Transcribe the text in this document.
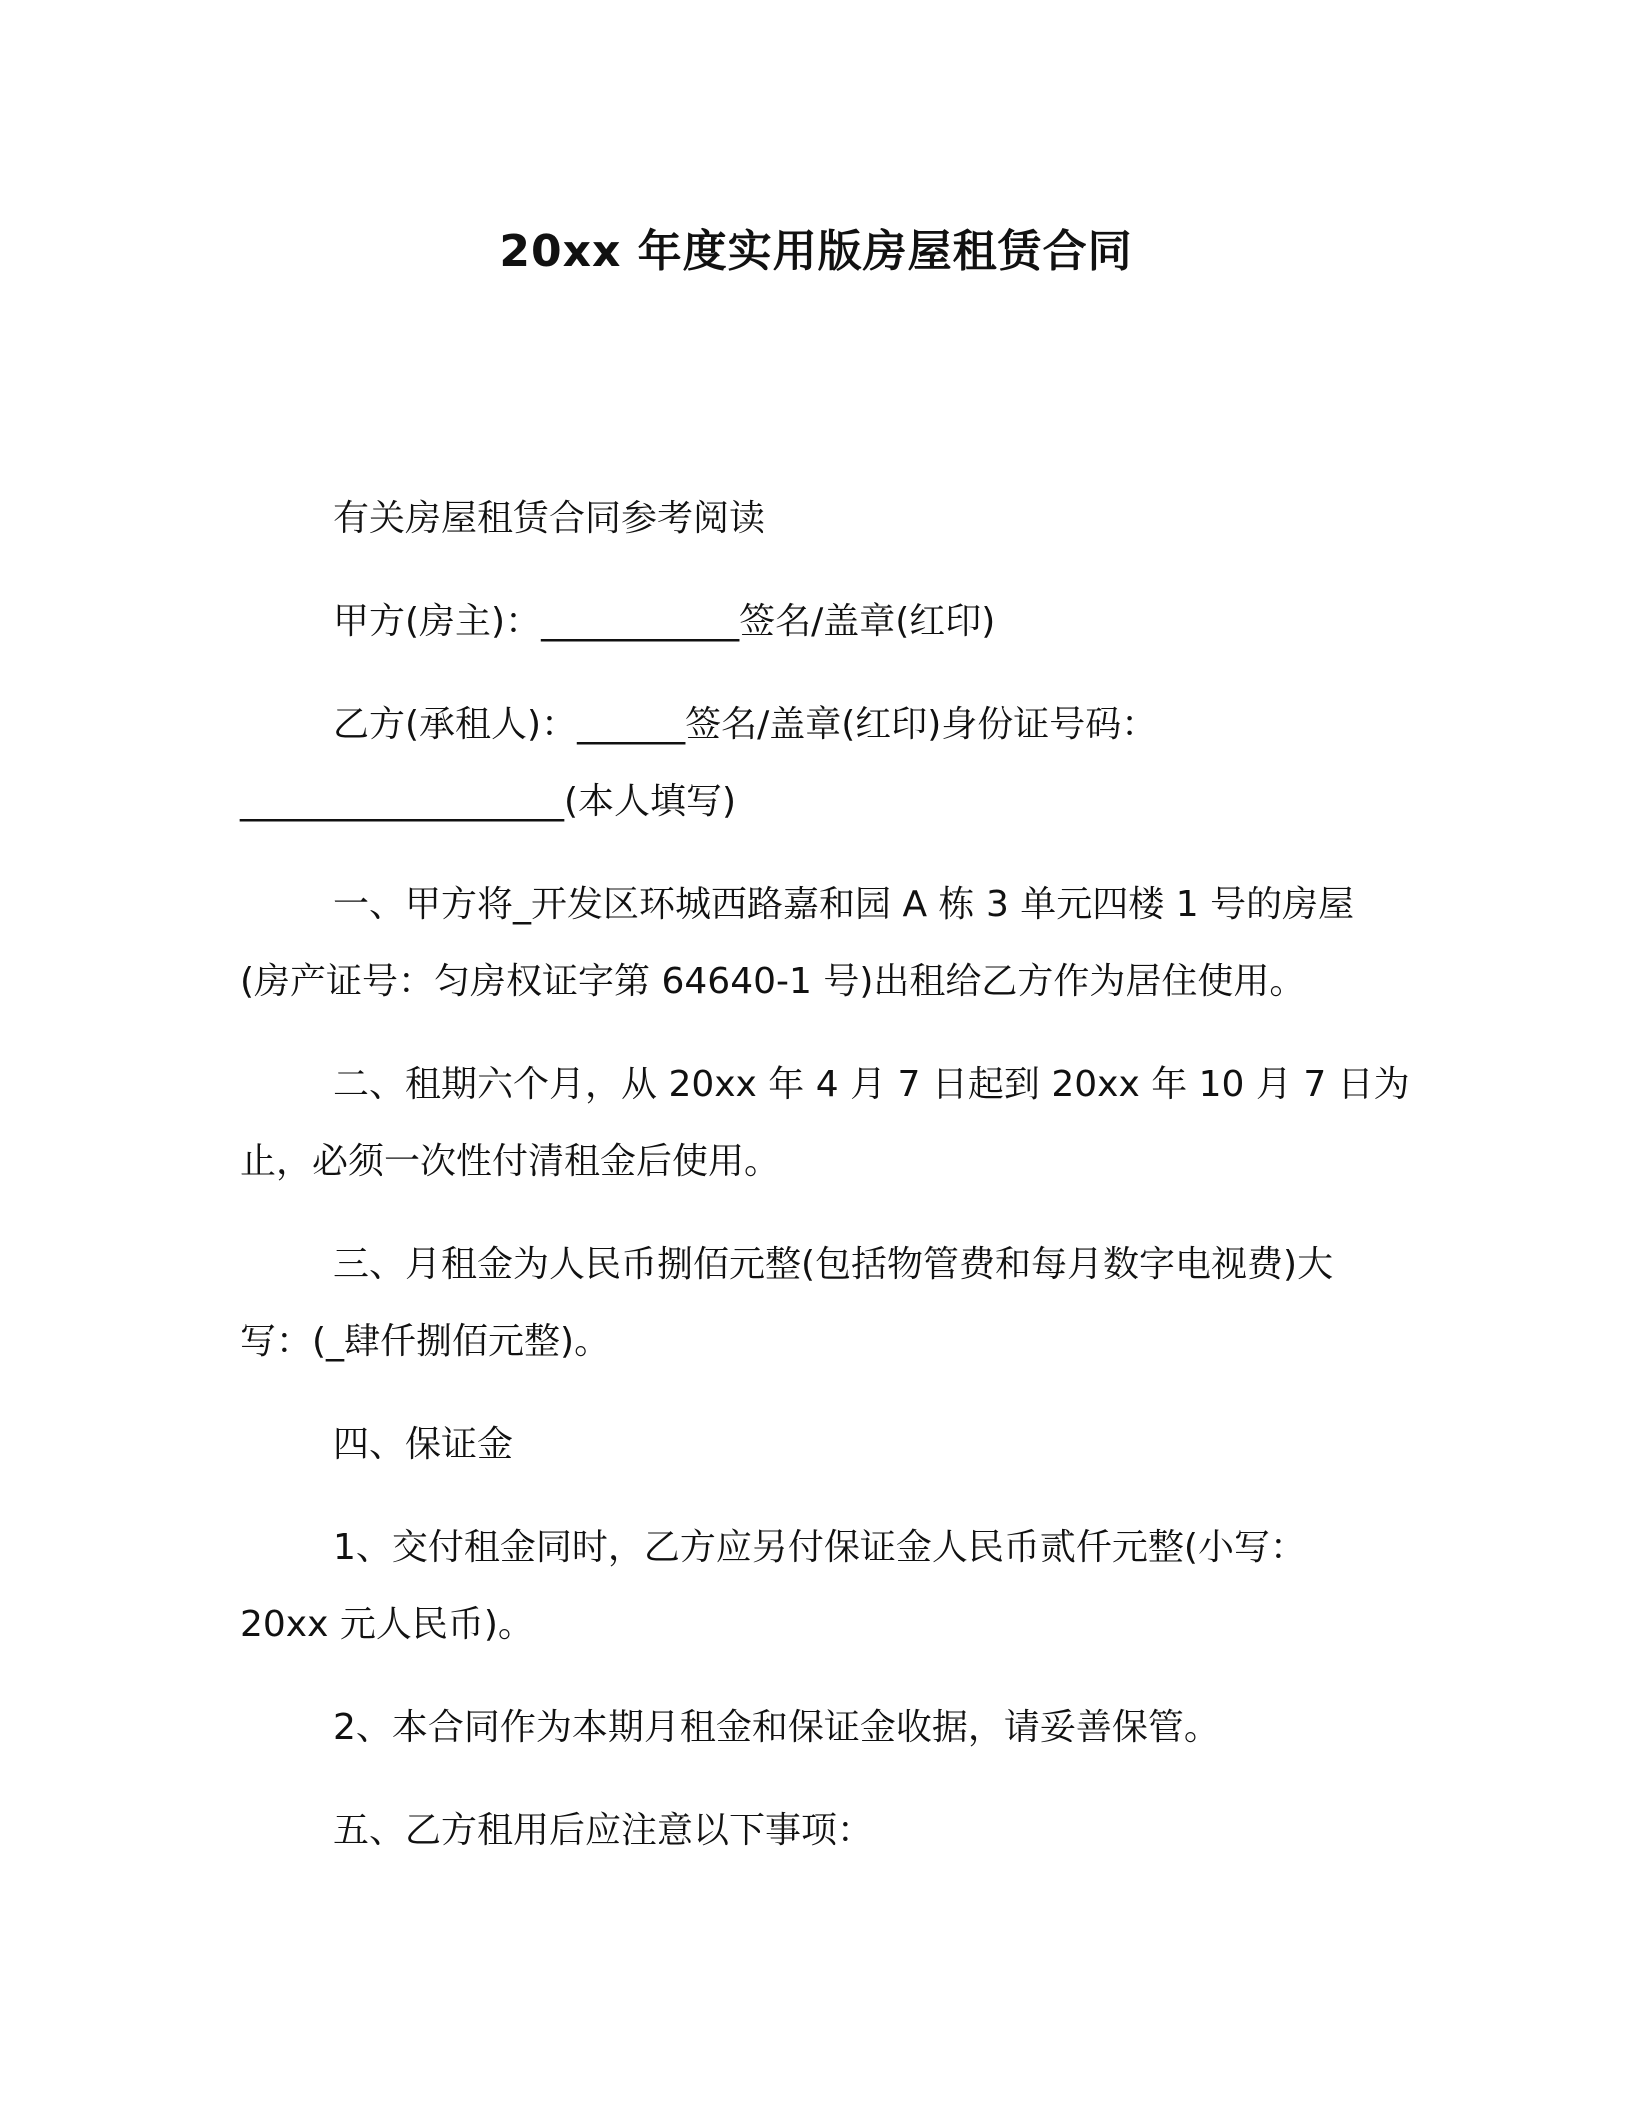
20xx 年度实用版房屋租赁合同
有关房屋租赁合同参考阅读
甲方(房主)：___________签名/盖章(红印)
乙方(承租人)：______签名/盖章(红印)身份证号码：
__________________(本人填写)
一、甲方将_开发区环城西路嘉和园 A 栋 3 单元四楼 1 号的房屋
(房产证号：匀房权证字第 64640-1 号)出租给乙方作为居住使用。
二、租期六个月，从 20xx 年 4 月 7 日起到 20xx 年 10 月 7 日为
止，必须一次性付清租金后使用。
三、月租金为人民币捌佰元整(包括物管费和每月数字电视费)大
写：(_肆仟捌佰元整)。
四、保证金
1、交付租金同时，乙方应另付保证金人民币贰仟元整(小写：
20xx 元人民币)。
2、本合同作为本期月租金和保证金收据，请妥善保管。
五、乙方租用后应注意以下事项：
